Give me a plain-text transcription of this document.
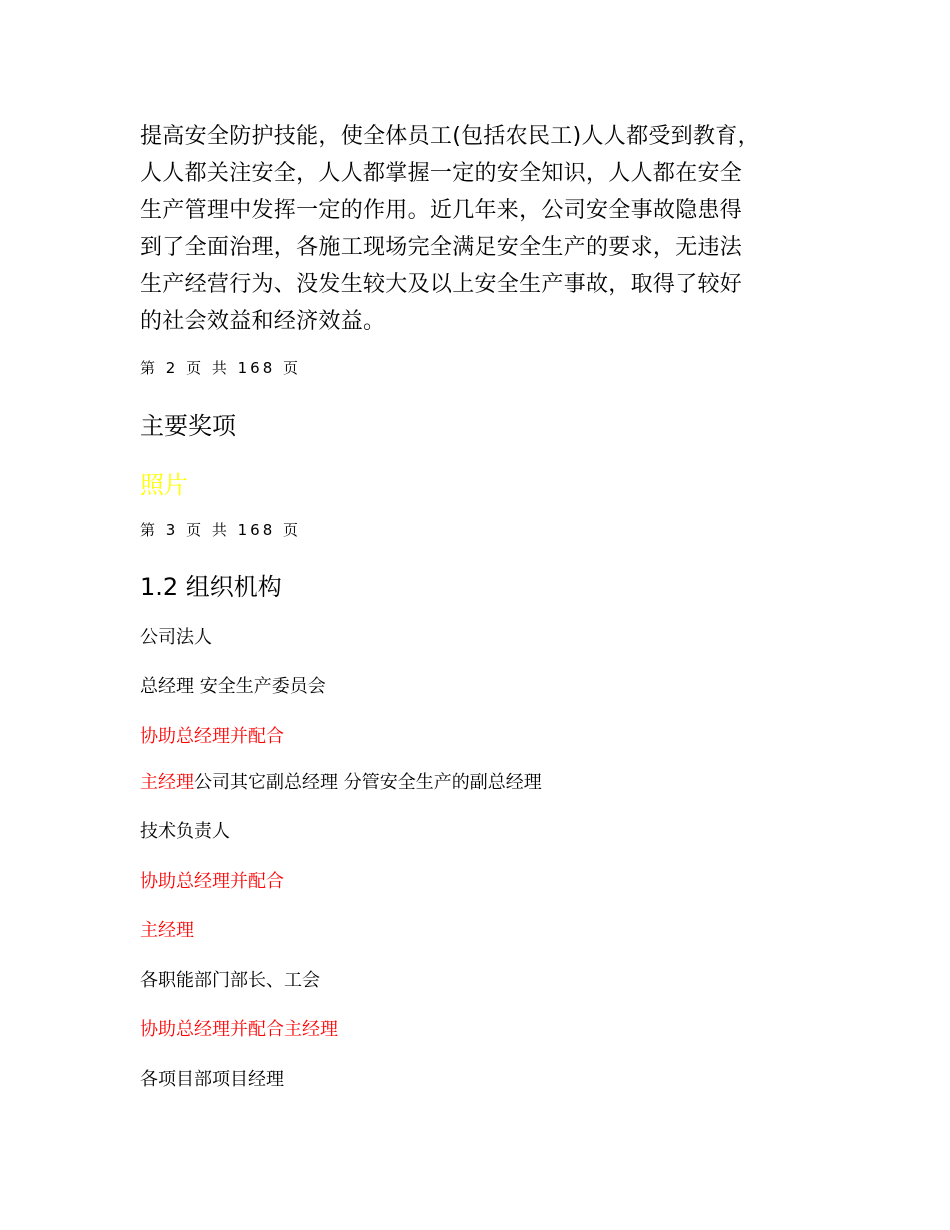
提高安全防护技能，使全体员工(包括农民工)人人都受到教育，
人人都关注安全，人人都掌握一定的安全知识，人人都在安全
生产管理中发挥一定的作用。近几年来，公司安全事故隐患得
到了全面治理，各施工现场完全满足安全生产的要求，无违法
生产经营行为、没发生较大及以上安全生产事故，取得了较好
的社会效益和经济效益。

第 2 页 共 168 页

主要奖项

照片

第 3 页 共 168 页

1.2 组织机构

公司法人

总经理 安全生产委员会

协助总经理并配合

主经理公司其它副总经理 分管安全生产的副总经理

技术负责人

协助总经理并配合

主经理

各职能部门部长、工会

协助总经理并配合主经理

各项目部项目经理
